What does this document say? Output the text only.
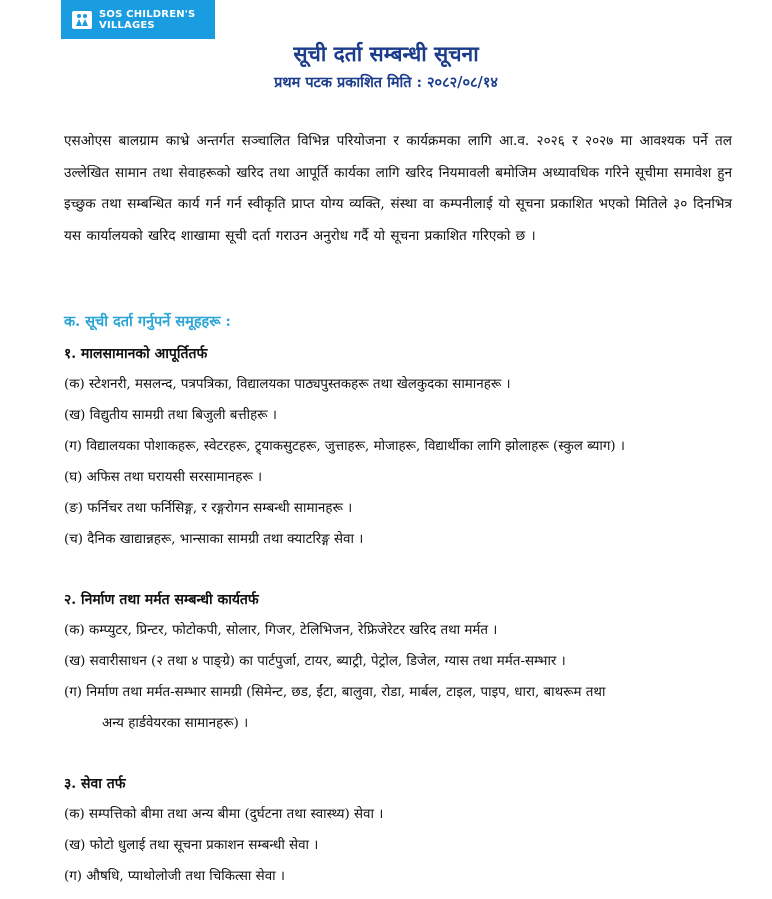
SOS CHILDREN'S
VILLAGES
सूची दर्ता सम्बन्धी सूचना
प्रथम पटक प्रकाशित मिति : २०८२/०८/१४

एसओएस बालग्राम काभ्रे अन्तर्गत सञ्चालित विभिन्न परियोजना र कार्यक्रमका लागि आ.व. २०२६ र २०२७ मा आवश्यक पर्ने तल उल्लेखित सामान तथा सेवाहरूको खरिद तथा आपूर्ति कार्यका लागि खरिद नियमावली बमोजिम अध्यावधिक गरिने सूचीमा समावेश हुन इच्छुक तथा सम्बन्धित कार्य गर्न गर्न स्वीकृति प्राप्त योग्य व्यक्ति, संस्था वा कम्पनीलाई यो सूचना प्रकाशित भएको मितिले ३० दिनभित्र यस कार्यालयको खरिद शाखामा सूची दर्ता गराउन अनुरोध गर्दै यो सूचना प्रकाशित गरिएको छ ।

क. सूची दर्ता गर्नुपर्ने समूहहरू :
१. मालसामानको आपूर्तितर्फ

(क) स्टेशनरी, मसलन्द, पत्रपत्रिका, विद्यालयका पाठ्यपुस्तकहरू तथा खेलकुदका सामानहरू ।

(ख) विद्युतीय सामग्री तथा बिजुली बत्तीहरू ।

(ग) विद्यालयका पोशाकहरू, स्वेटरहरू, ट्र्याकसुटहरू, जुत्ताहरू, मोजाहरू, विद्यार्थीका लागि झोलाहरू (स्कुल ब्याग) ।

(घ) अफिस तथा घरायसी सरसामानहरू ।

(ङ) फर्निचर तथा फर्निसिङ्ग, र रङ्गरोगन सम्बन्धी सामानहरू ।

(च) दैनिक खाद्यान्नहरू, भान्साका सामग्री तथा क्याटरिङ्ग सेवा ।

२. निर्माण तथा मर्मत सम्बन्धी कार्यतर्फ

(क) कम्प्युटर, प्रिन्टर, फोटोकपी, सोलार, गिजर, टेलिभिजन, रेफ्रिजेरेटर खरिद तथा मर्मत ।

(ख) सवारीसाधन (२ तथा ४ पाङ्ग्रे) का पार्टपुर्जा, टायर, ब्याट्री, पेट्रोल, डिजेल, ग्यास तथा मर्मत-सम्भार ।

(ग) निर्माण तथा मर्मत-सम्भार सामग्री (सिमेन्ट, छड, ईंटा, बालुवा, रोडा, मार्बल, टाइल, पाइप, धारा, बाथरूम तथा

अन्य हार्डवेयरका सामानहरू) ।

३. सेवा तर्फ

(क) सम्पत्तिको बीमा तथा अन्य बीमा (दुर्घटना तथा स्वास्थ्य) सेवा ।

(ख) फोटो धुलाई तथा सूचना प्रकाशन सम्बन्धी सेवा ।

(ग) औषधि, प्याथोलोजी तथा चिकित्सा सेवा ।
